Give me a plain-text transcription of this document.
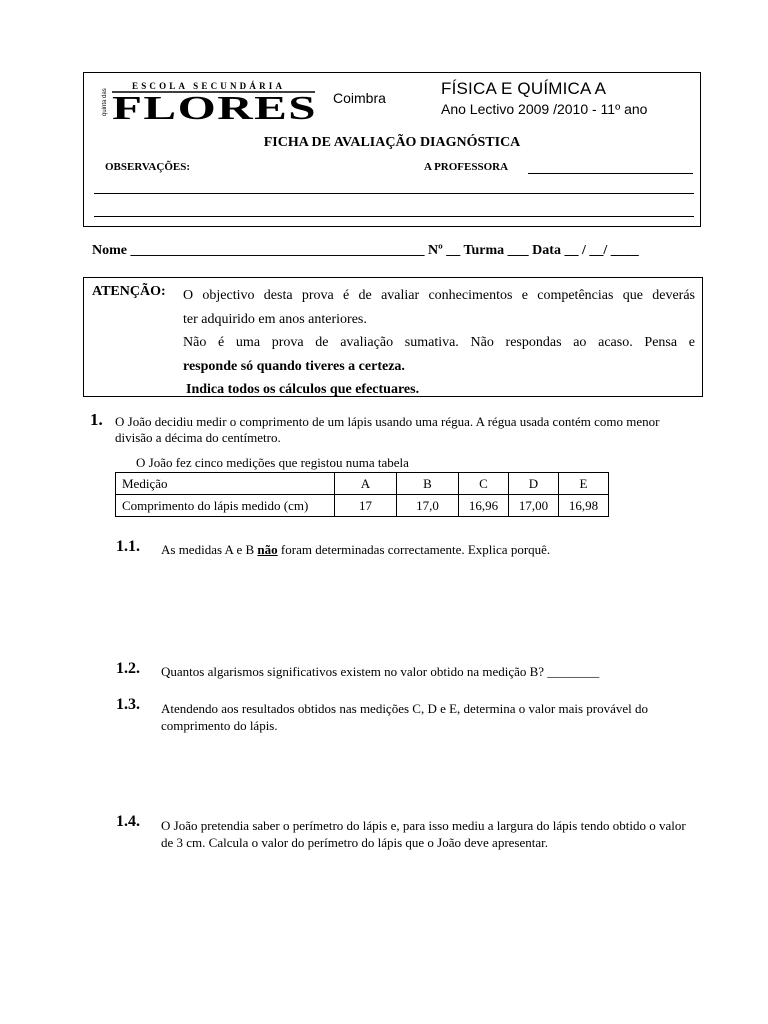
quinta das
ESCOLA SECUNDÁRIA
FLORES Coimbra	FÍSICA E QUÍMICA A
Ano Lectivo 2009 /2010 - 11º ano
FICHA DE AVALIAÇÃO DIAGNÓSTICA
OBSERVAÇÕES:	A PROFESSORA
Nome __________________________________________ Nº __ Turma ___ Data __ / __/ ____
ATENÇÃO: O objectivo desta prova é de avaliar conhecimentos e competências que deverás
ter adquirido em anos anteriores.
Não é uma prova de avaliação sumativa. Não respondas ao acaso. Pensa e
responde só quando tiveres a certeza.
Indica todos os cálculos que efectuares.
1. O João decidiu medir o comprimento de um lápis usando uma régua. A régua usada contém como menor divisão a décima do centímetro.
O João fez cinco medições que registou numa tabela
Medição	A	B	C	D	E
Comprimento do lápis medido (cm)	17	17,0	16,96	17,00	16,98
1.1. As medidas A e B não foram determinadas correctamente. Explica porquê.
1.2. Quantos algarismos significativos existem no valor obtido na medição B? ________
1.3. Atendendo aos resultados obtidos nas medições C, D e E, determina o valor mais provável do comprimento do lápis.
1.4. O João pretendia saber o perímetro do lápis e, para isso mediu a largura do lápis tendo obtido o valor de 3 cm. Calcula o valor do perímetro do lápis que o João deve apresentar.
